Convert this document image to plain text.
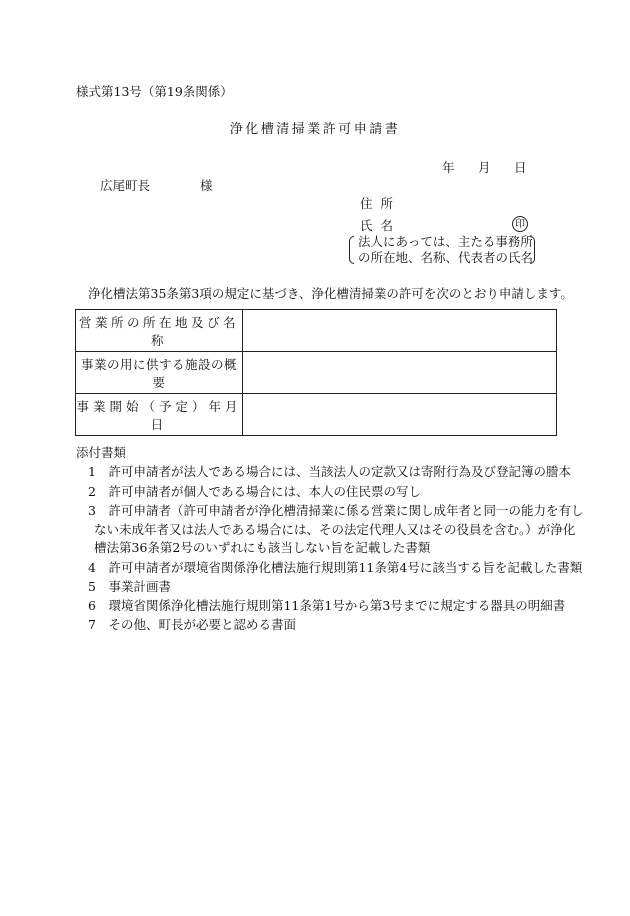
様式第13号（第19条関係）
浄化槽清掃業許可申請書
年	月	日
広尾町長　　　　様
住所
氏名	印
法人にあっては、主たる事務所
の所在地、名称、代表者の氏名
浄化槽法第35条第3項の規定に基づき、浄化槽清掃業の許可を次のとおり申請します。
営業所の所在地及び名称	
事業の用に供する施設の概要	
事業開始（予定）年月日	
添付書類
1　許可申請者が法人である場合には、当該法人の定款又は寄附行為及び登記簿の謄本
2　許可申請者が個人である場合には、本人の住民票の写し
3　許可申請者（許可申請者が浄化槽清掃業に係る営業に関し成年者と同一の能力を有し
ない未成年者又は法人である場合には、その法定代理人又はその役員を含む。）が浄化
槽法第36条第2号のいずれにも該当しない旨を記載した書類
4　許可申請者が環境省関係浄化槽法施行規則第11条第4号に該当する旨を記載した書類
5　事業計画書
6　環境省関係浄化槽法施行規則第11条第1号から第3号までに規定する器具の明細書
7　その他、町長が必要と認める書面
